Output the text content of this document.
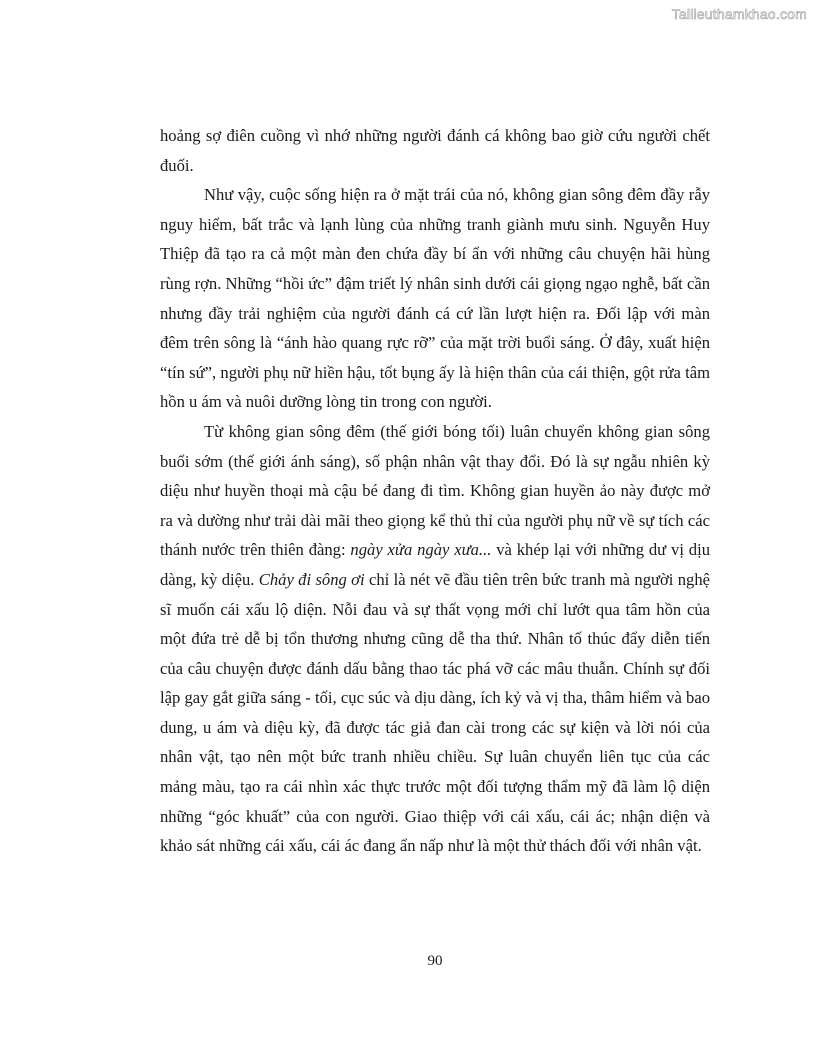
Tailieuthamkhao.com

hoảng sợ điên cuồng vì nhớ những người đánh cá không bao giờ cứu người chết đuối.

Như vậy, cuộc sống hiện ra ở mặt trái của nó, không gian sông đêm đầy rẫy nguy hiểm, bất trắc và lạnh lùng của những tranh giành mưu sinh. Nguyễn Huy Thiệp đã tạo ra cả một màn đen chứa đầy bí ẩn với những câu chuyện hãi hùng rùng rợn. Những “hồi ức” đậm triết lý nhân sinh dưới cái giọng ngạo nghễ, bất cần nhưng đầy trải nghiệm của người đánh cá cứ lần lượt hiện ra. Đối lập với màn đêm trên sông là “ánh hào quang rực rỡ” của mặt trời buổi sáng. Ở đây, xuất hiện “tín sứ”, người phụ nữ hiền hậu, tốt bụng ấy là hiện thân của cái thiện, gột rửa tâm hồn u ám và nuôi dưỡng lòng tin trong con người.

Từ không gian sông đêm (thế giới bóng tối) luân chuyển không gian sông buổi sớm (thế giới ánh sáng), số phận nhân vật thay đổi. Đó là sự ngẫu nhiên kỳ diệu như huyền thoại mà cậu bé đang đi tìm. Không gian huyền ảo này được mở ra và dường như trải dài mãi theo giọng kể thủ thỉ của người phụ nữ về sự tích các thánh nước trên thiên đàng: ngày xửa ngày xưa... và khép lại với những dư vị dịu dàng, kỳ diệu. Chảy đi sông ơi chỉ là nét vẽ đầu tiên trên bức tranh mà người nghệ sĩ muốn cái xấu lộ diện. Nỗi đau và sự thất vọng mới chỉ lướt qua tâm hồn của một đứa trẻ dễ bị tổn thương nhưng cũng dễ tha thứ. Nhân tố thúc đẩy diễn tiến của câu chuyện được đánh dấu bằng thao tác phá vỡ các mâu thuẫn. Chính sự đối lập gay gắt giữa sáng - tối, cục súc và dịu dàng, ích kỷ và vị tha, thâm hiểm và bao dung, u ám và diệu kỳ, đã được tác giả đan cài trong các sự kiện và lời nói của nhân vật, tạo nên một bức tranh nhiều chiều. Sự luân chuyển liên tục của các mảng màu, tạo ra cái nhìn xác thực trước một đối tượng thẩm mỹ đã làm lộ diện những “góc khuất” của con người. Giao thiệp với cái xấu, cái ác; nhận diện và khảo sát những cái xấu, cái ác đang ẩn nấp như là một thử thách đối với nhân vật.

90
